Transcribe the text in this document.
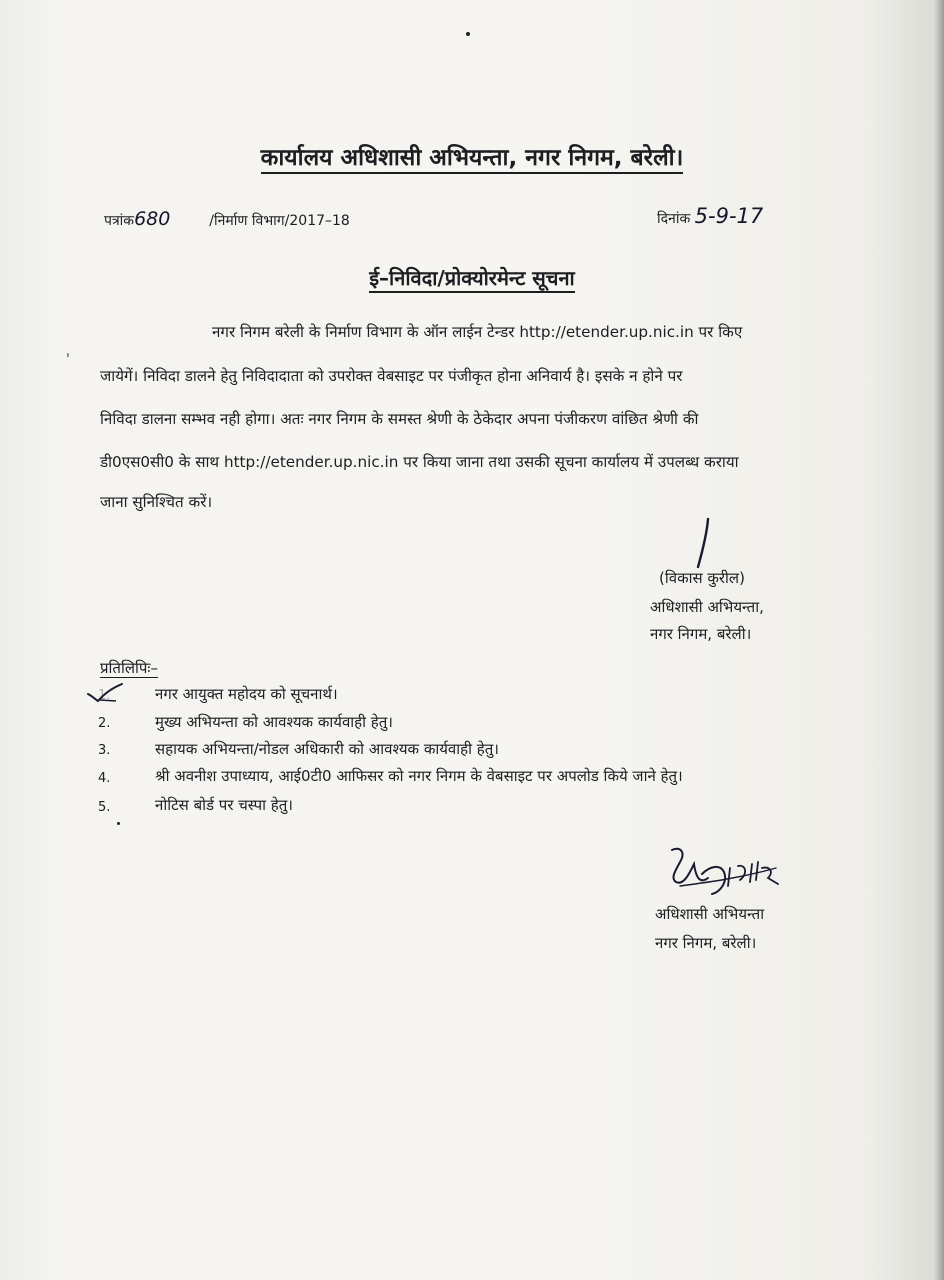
ˈ
कार्यालय अधिशासी अभियन्ता, नगर निगम, बरेली।
पत्रांक680	/निर्माण विभाग/2017–18	दिनांक 5-9-17
ई–निविदा/प्रोक्योरमेन्ट सूचना
नगर निगम बरेली के निर्माण विभाग के ऑन लाईन टेन्डर http://etender.up.nic.in पर किए
जायेगें। निविदा डालने हेतु निविदादाता को उपरोक्त वेबसाइट पर पंजीकृत होना अनिवार्य है। इसके न होने पर
निविदा डालना सम्भव नही होगा। अतः नगर निगम के समस्त श्रेणी के ठेकेदार अपना पंजीकरण वांछित श्रेणी की
डी0एस0सी0 के साथ http://etender.up.nic.in पर किया जाना तथा उसकी सूचना कार्यालय में उपलब्ध कराया
जाना सुनिश्चित करें।
(विकास कुरील)
अधिशासी अभियन्ता,
नगर निगम, बरेली।
प्रतिलिपिः–
1.	नगर आयुक्त महोदय को सूचनार्थ।
2.	मुख्य अभियन्ता को आवश्यक कार्यवाही हेतु।
3.	सहायक अभियन्ता/नोडल अधिकारी को आवश्यक कार्यवाही हेतु।
4.	श्री अवनीश उपाध्याय, आई0टी0 आफिसर को नगर निगम के वेबसाइट पर अपलोड किये जाने हेतु।
5.	नोटिस बोर्ड पर चस्पा हेतु।
अधिशासी अभियन्ता
नगर निगम, बरेली।
